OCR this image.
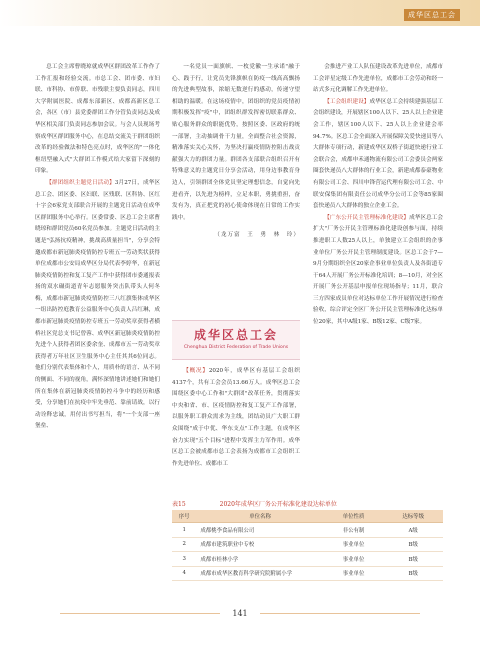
成华区总工会

总工会主席曹晓琼就成华区群团改革工作作了工作汇报和经验交流。市总工会、团市委、市妇联、市科协、市侨联、市残联主要负责同志，四川大学附属医院、成都东部新区、成都高新区总工会，各区（市）县党委群团工作分管负责同志及成华区相关部门负责同志参加会议。与会人员现场考察成华区群团服务中心，在总结交流关于群团组织改革的经验做法和特色亮点时，成华区的"一体化枢纽型融入式"大群团工作模式给大家留下深刻的印象。

【群团组织主题党日活动】3月27日，成华区总工会、团区委、区妇联、区残联、区科协、区红十字会6家党支部联合开展的主题党日活动在成华区群团服务中心举行。区委常委、区总工会主席曹晓琼和群团党员60名党员参加。主题党日活动的主题是"弘扬抗疫精神，挑战高质量担当"，分享会特邀成都市新冠肺炎疫情防控专班五一劳动奖状获得单位成都市公安局成华区分局代表李婷华，在新冠肺炎疫情防控和复工复产工作中获得团市委通报表扬的双水碾街道青年志愿服务突击队带头人何冬梅，成都市新冠肺炎疫情防控三八红旗集体成华区一组出防控庭教育公益服务中心负责人吕红琳，成都市新冠肺炎疫情防控专班五一劳动奖章获得者横桥社区党总支书记曾蓉、成华区新冠肺炎疫情防控先进个人获得者团区委余奎、成都市五一劳动奖章获得者万年社区卫生服务中心主任其其6位同志。他们分别代表集体和个人，用质朴的语言、从不同的侧面、不同的视角，满怀深情地讲述她们和她们所在集体在新冠肺炎疫情防控斗争中的经历和感受，分享她们在抗疫中牢先垂范、靠前请战，以行动诠释忠诚，用付出书写担当，将"一个支部一座堡垒、

一名党员一面旗帜、一枚党徽一生承诺"融于心、践于行，让党员先锋旗帜在防疫一线高高飘扬的先进典型故事，浓缩无数逆行的感动，传递守望相助的温暖。在这场疫情中，团组织的党员疫情初期积极发挥"疫"中，团组织群发挥密切联系群众、贴心服务群众的职能优势，按照区委、区政府的统一部署，主动抽调骨干力量，全面整合社会资源，精准落实关心关怀，为坚决打赢疫情防控阻击战贡献强大力的群团力量。群团各支部联合组织召开有特殊意义的主题党日分享会活动，用身边事教育身边人，引领群团全体党员坚定理想信念，自觉向先进看齐，以先进为榜样，立足本职，勇挑重担，奋发有为，真正把党的初心使命体现在日常的工作实践中。

（龙万富　王　勇　林　玲）
成华区总工会
Chenghua District Federation of Trade Unions

【概况】2020年，成华区有基层工会组织4137个，共有工会会员13.66万人。成华区总工会围绕区委中心工作和"大群团"改革任务，贯彻落实中央和省、市、区疫情防控和复工复产工作部署，以服务职工群众需求为主线，团结动员广大职工群众围绕"成于中优、华东支点"工作主题，在成华区奋力实现"五个目标"进程中发挥主力军作用。成华区总工会被成都市总工会表扬为成都市工会组织工作先进单位、成都市工

会推进产业工人队伍建设改革先进单位，成都市工会评星定级工作先进单位，成都市工会劳动和经一站式多元化调解工作先进单位。

【工会组织建设】成华区总工会持续建强基层工会组织建设，开展辖区100人以下、25人以上企业建会工作，辖区100人以下、25人以上企业建会率94.7%。区总工会全面深入开展保障关爱快递员等八大群体专项行动，新建成华区双桥子街道快递行业工会联合会，成都申禾通物流有限公司工会委员会两家圈套快递员八大群体的行业工会，新建成都泰豪物业有限公司工会、四川申锋营运代理有限公司工会、中联安保集团有限责任公司成华分公司工会等85家圈套快递员八大群体的独立企业工会。

【广东公开民主管理标准化建设】成华区总工会扩大"厂务公开民主管理标准化建设创参与面，持续推进职工人数25人以上，单独建立工会组织的企事业单位厂务公开民主管理制度建设。区总工会于7—9月分期组织全区20家企事业单位负责人及各街道专干64人开展厂务公开标准化培训；8—10月，对全区开展厂务公开基层申报单位现场指导；11月，联合三方四家成员单位对达标单位工作开展情况进行检查验收，综合评定全区厂务公开民主管理标准化达标单位20家，其中A级1家、B级12家、C级7家。

表15	2020年成华区厂务公开标准化建设达标单位
序号	单位名称	单位性质	达标等级
1	成都桃李食品有限公司	非公有制	A级
2	成都市建筑职业中专校	事业单位	B级
3	成都市桂林小学	事业单位	B级
4	成都市成华区教育科学研究院附属小学	事业单位	B级
141
